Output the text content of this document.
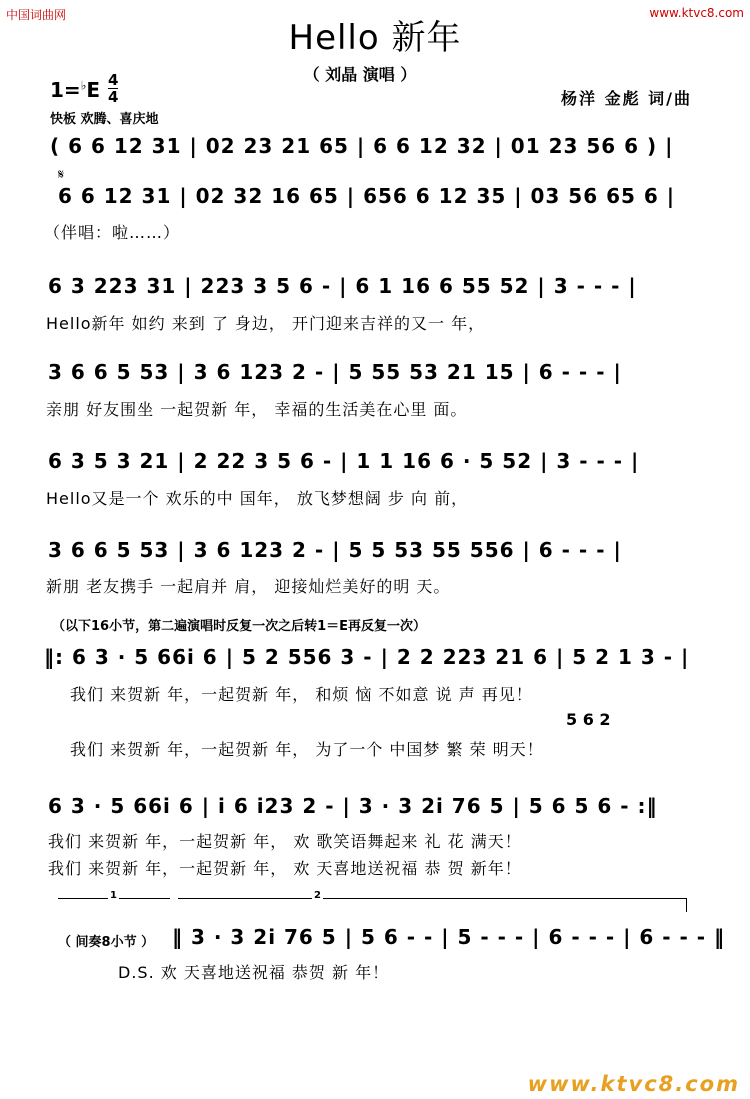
中国词曲网	www.ktvc8.com
Hello 新年
（ 刘晶 演唱 ）
杨洋 金彪 词/曲
1=♭E 4
4
快板 欢腾、喜庆地
( 6 6 12 31 | 02 23 21 65 | 6 6 12 32 | 01 23 56 6 ) |
𝄋
6 6 12 31 | 02 32 16 65 | 656 6 12 35 | 03 56 65 6 |
（伴唱：啦……）
6 3 223 31 | 223 3 5 6 - | 6 1 16 6 55 52 | 3 - - - |
Hello新年 如约 来到 了 身边， 开门迎来吉祥的又一 年，
3 6 6 5 53 | 3 6 123 2 - | 5 55 53 21 15 | 6 - - - |
亲朋 好友围坐 一起贺新 年， 幸福的生活美在心里 面。
6 3 5 3 21 | 2 22 3 5 6 - | 1 1 16 6 · 5 52 | 3 - - - |
Hello又是一个 欢乐的中 国年， 放飞梦想阔 步 向 前，
3 6 6 5 53 | 3 6 123 2 - | 5 5 53 55 556 | 6 - - - |
新朋 老友携手 一起肩并 肩， 迎接灿烂美好的明 天。
（以下16小节，第二遍演唱时反复一次之后转1＝E再反复一次）
‖: 6 3 · 5 66i 6 | 5 2 556 3 - | 2 2 223 21 6 | 5 2 1 3 - |
我们 来贺新 年，一起贺新 年， 和烦 恼 不如意 说 声 再见！
5 6 2
我们 来贺新 年，一起贺新 年， 为了一个 中国梦 繁 荣 明天！
6 3 · 5 66i 6 | i 6 i23 2 - | 3 · 3 2i 76 5 | 5 6 5 6 - :‖
我们 来贺新 年，一起贺新 年， 欢 歌笑语舞起来 礼 花 满天！
我们 来贺新 年，一起贺新 年， 欢 天喜地送祝福 恭 贺 新年！
1	2
（ 间奏8小节 ） ‖ 3 · 3 2i 76 5 | 5 6 - - | 5 - - - | 6 - - - | 6 - - - ‖
D.S. 欢 天喜地送祝福 恭贺 新 年！
www.ktvc8.com
